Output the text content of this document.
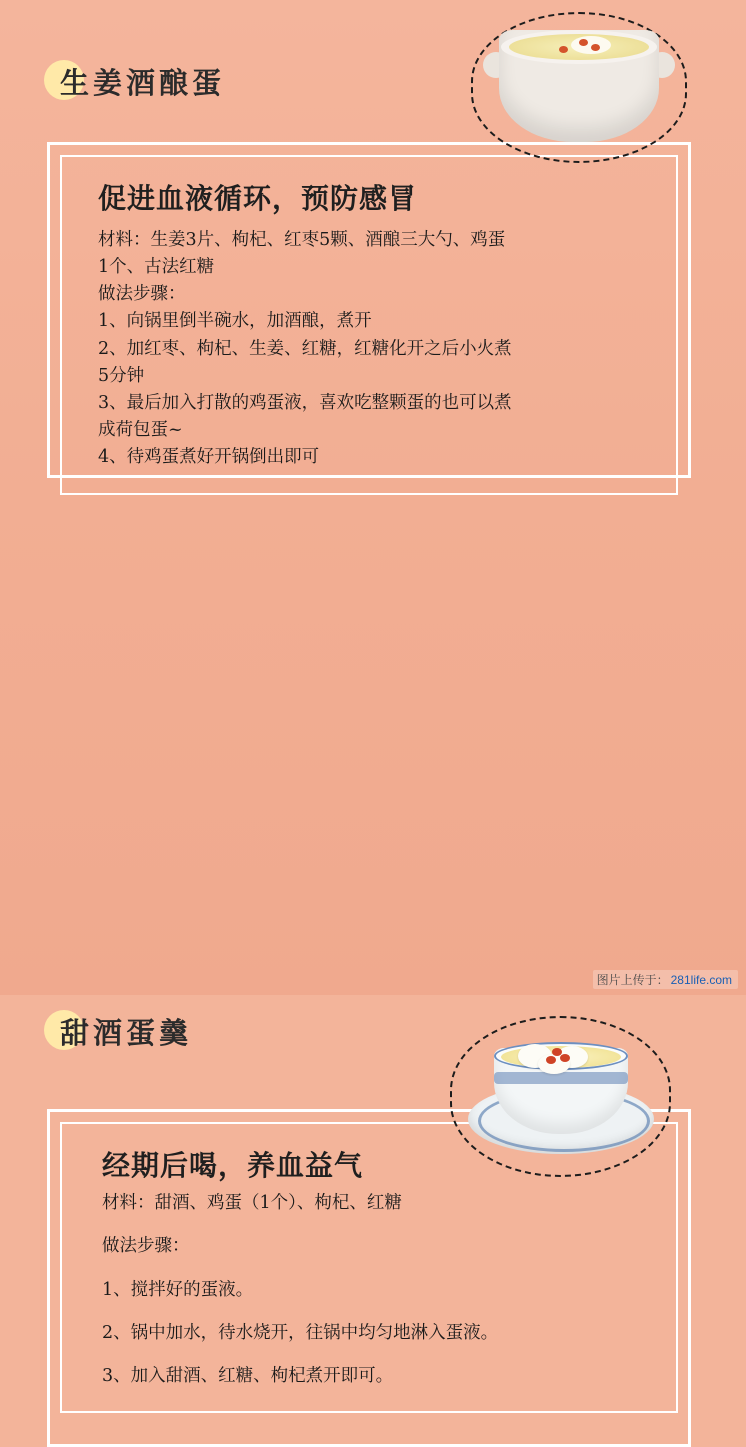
生姜酒酿蛋
促进血液循环，预防感冒
材料：生姜3片、枸杞、红枣5颗、酒酿三大勺、鸡蛋
1个、古法红糖
做法步骤：
1、向锅里倒半碗水，加酒酿，煮开
2、加红枣、枸杞、生姜、红糖，红糖化开之后小火煮
5分钟
3、最后加入打散的鸡蛋液，喜欢吃整颗蛋的也可以煮
成荷包蛋~
4、待鸡蛋煮好开锅倒出即可
甜酒蛋羹
经期后喝，养血益气
材料：甜酒、鸡蛋（1个）、枸杞、红糖
做法步骤：
1、搅拌好的蛋液。
2、锅中加水，待水烧开，往锅中均匀地淋入蛋液。
3、加入甜酒、红糖、枸杞煮开即可。
图片上传于： 281life.com
